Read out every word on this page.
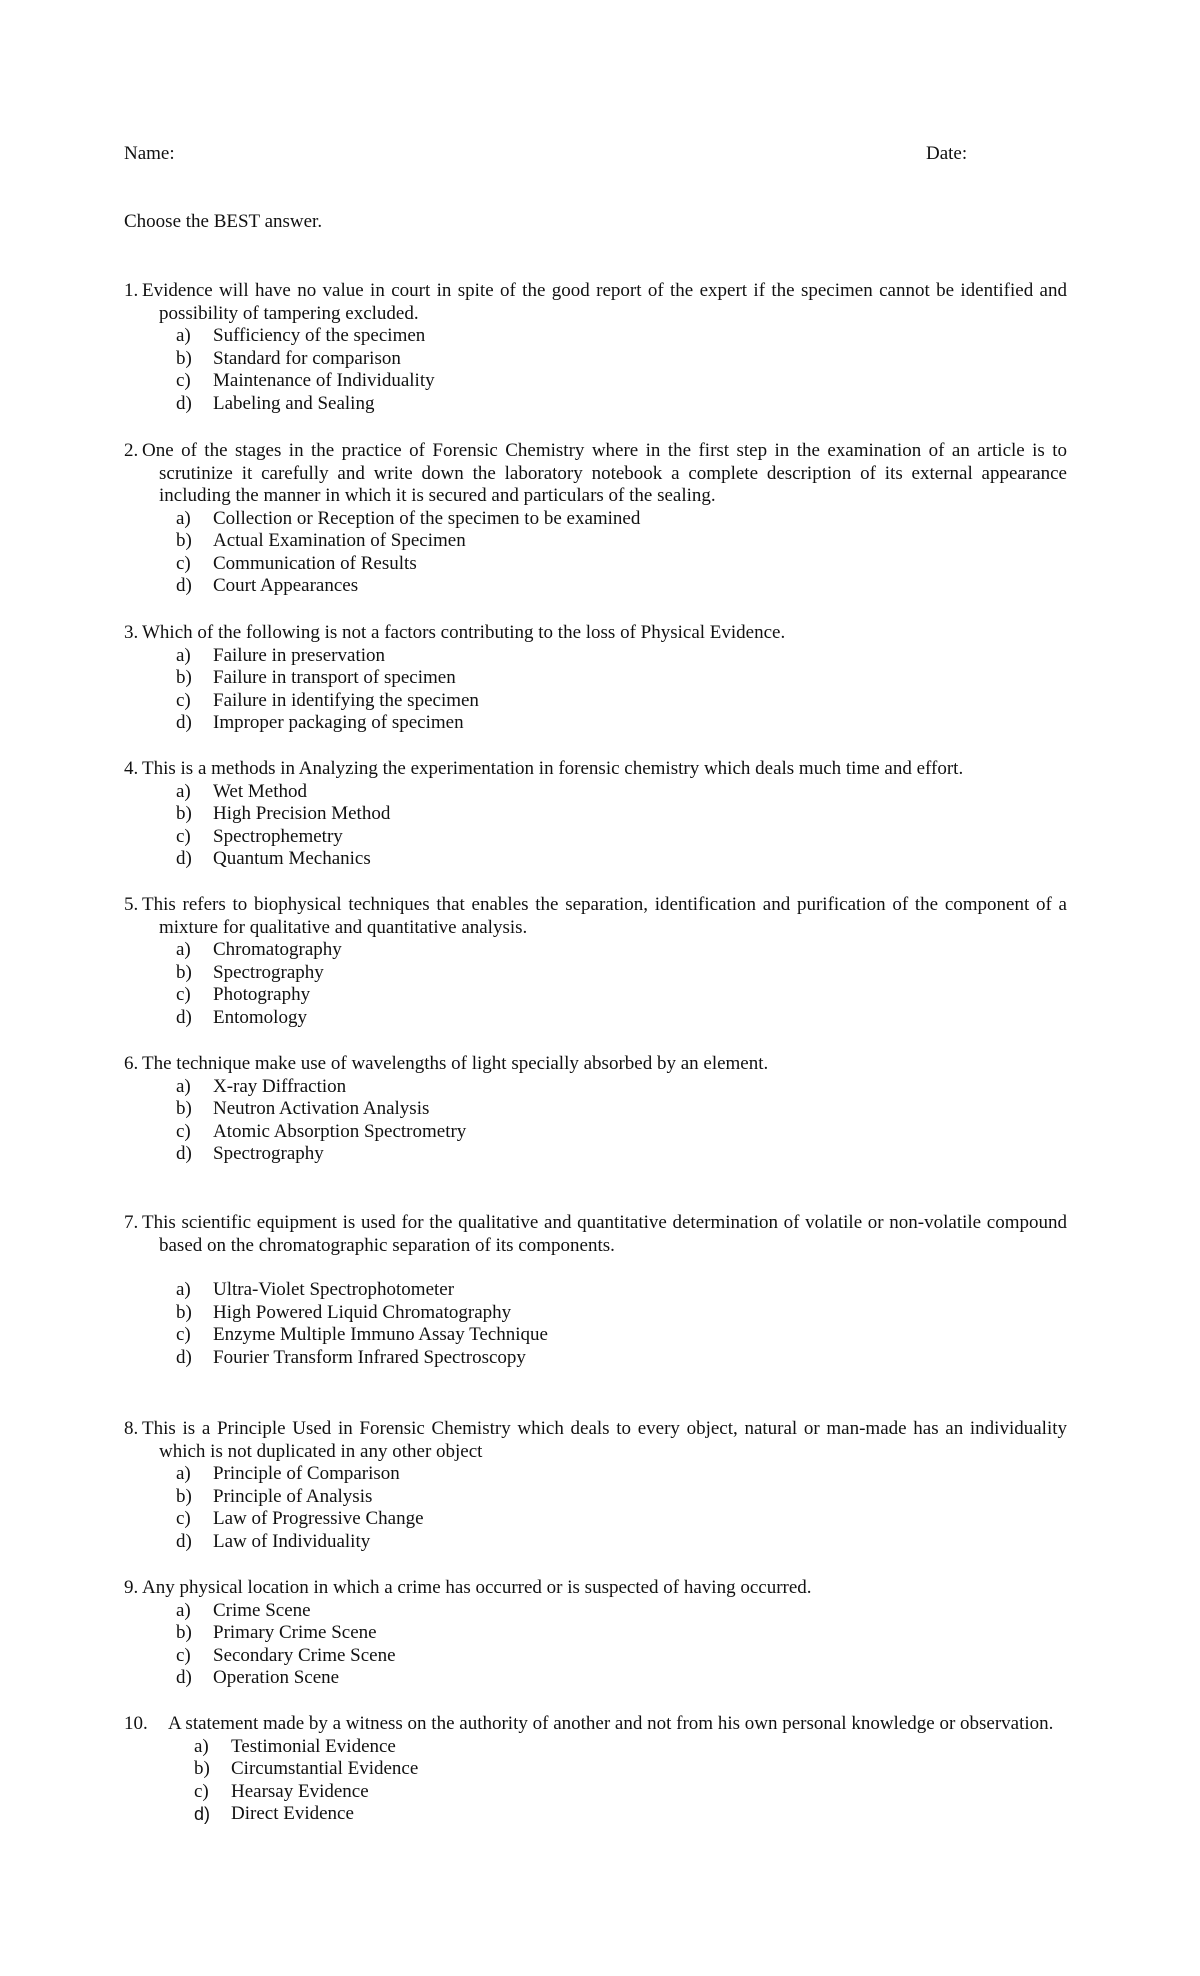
Name:	Date:
Choose the BEST answer.
1. Evidence will have no value in court in spite of the good report of the expert if the specimen cannot be identified and possibility of tampering excluded.
a) Sufficiency of the specimen
b) Standard for comparison
c) Maintenance of Individuality
d) Labeling and Sealing
2. One of the stages in the practice of Forensic Chemistry where in the first step in the examination of an article is to scrutinize it carefully and write down the laboratory notebook a complete description of its external appearance including the manner in which it is secured and particulars of the sealing.
a) Collection or Reception of the specimen to be examined
b) Actual Examination of Specimen
c) Communication of Results
d) Court Appearances
3. Which of the following is not a factors contributing to the loss of Physical Evidence.
a) Failure in preservation
b) Failure in transport of specimen
c) Failure in identifying the specimen
d) Improper packaging of specimen
4. This is a methods in Analyzing the experimentation in forensic chemistry which deals much time and effort.
a) Wet Method
b) High Precision Method
c) Spectrophemetry
d) Quantum Mechanics
5. This refers to biophysical techniques that enables the separation, identification and purification of the component of a mixture for qualitative and quantitative analysis.
a) Chromatography
b) Spectrography
c) Photography
d) Entomology
6. The technique make use of wavelengths of light specially absorbed by an element.
a) X-ray Diffraction
b) Neutron Activation Analysis
c) Atomic Absorption Spectrometry
d) Spectrography
7. This scientific equipment is used for the qualitative and quantitative determination of volatile or non-volatile compound based on the chromatographic separation of its components.
a) Ultra-Violet Spectrophotometer
b) High Powered Liquid Chromatography
c) Enzyme Multiple Immuno Assay Technique
d) Fourier Transform Infrared Spectroscopy
8. This is a Principle Used in Forensic Chemistry which deals to every object, natural or man-made has an individuality which is not duplicated in any other object
a) Principle of Comparison
b) Principle of Analysis
c) Law of Progressive Change
d) Law of Individuality
9. Any physical location in which a crime has occurred or is suspected of having occurred.
a) Crime Scene
b) Primary Crime Scene
c) Secondary Crime Scene
d) Operation Scene
10. A statement made by a witness on the authority of another and not from his own personal knowledge or observation.
a) Testimonial Evidence
b) Circumstantial Evidence
c) Hearsay Evidence
d) Direct Evidence
